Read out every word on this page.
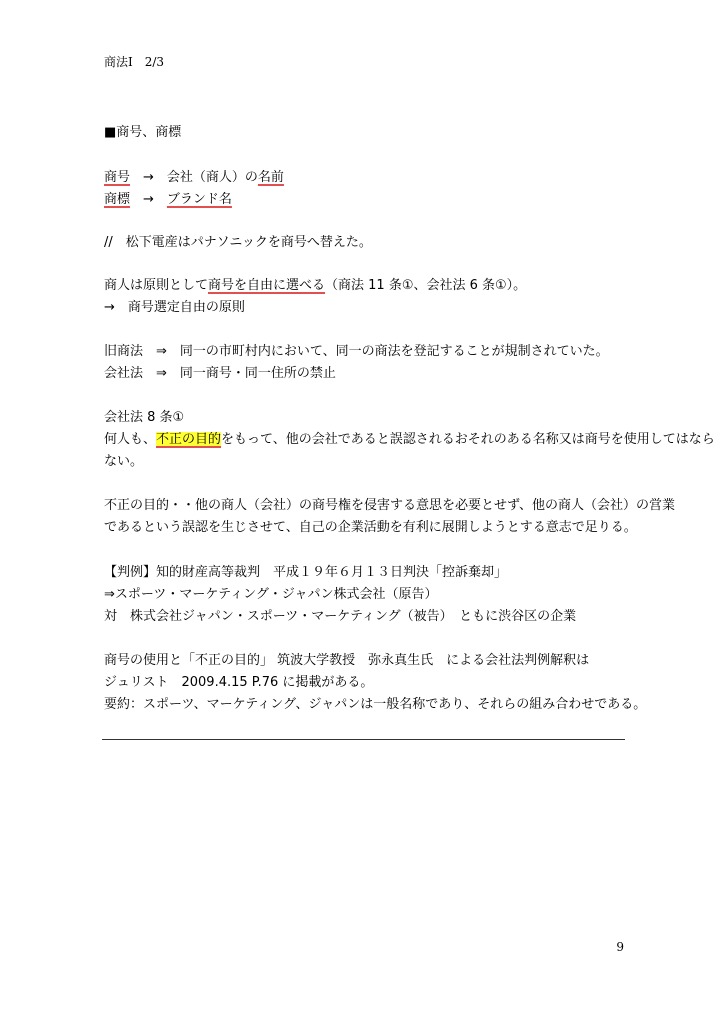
商法Ⅰ　2/3
■商号、商標
商号　→　会社（商人）の名前
商標　→　ブランド名
//　松下電産はパナソニックを商号へ替えた。
商人は原則として商号を自由に選べる（商法 11 条①、会社法 6 条①）。
→　商号選定自由の原則
旧商法　⇒　同一の市町村内において、同一の商法を登記することが規制されていた。
会社法　⇒　同一商号・同一住所の禁止
会社法 8 条①
何人も、不正の目的をもって、他の会社であると誤認されるおそれのある名称又は商号を使用してはなら
ない。
不正の目的・・他の商人（会社）の商号権を侵害する意思を必要とせず、他の商人（会社）の営業
であるという誤認を生じさせて、自己の企業活動を有利に展開しようとする意志で足りる。
【判例】知的財産高等裁判　平成１９年６月１３日判決「控訴棄却」
⇒スポーツ・マーケティング・ジャパン株式会社（原告）
対　株式会社ジャパン・スポーツ・マーケティング（被告）　ともに渋谷区の企業
商号の使用と「不正の目的」 筑波大学教授　弥永真生氏　による会社法判例解釈は
ジュリスト　2009.4.15 P.76 に掲載がある。
要約：スポーツ、マーケティング、ジャパンは一般名称であり、それらの組み合わせである。
9
